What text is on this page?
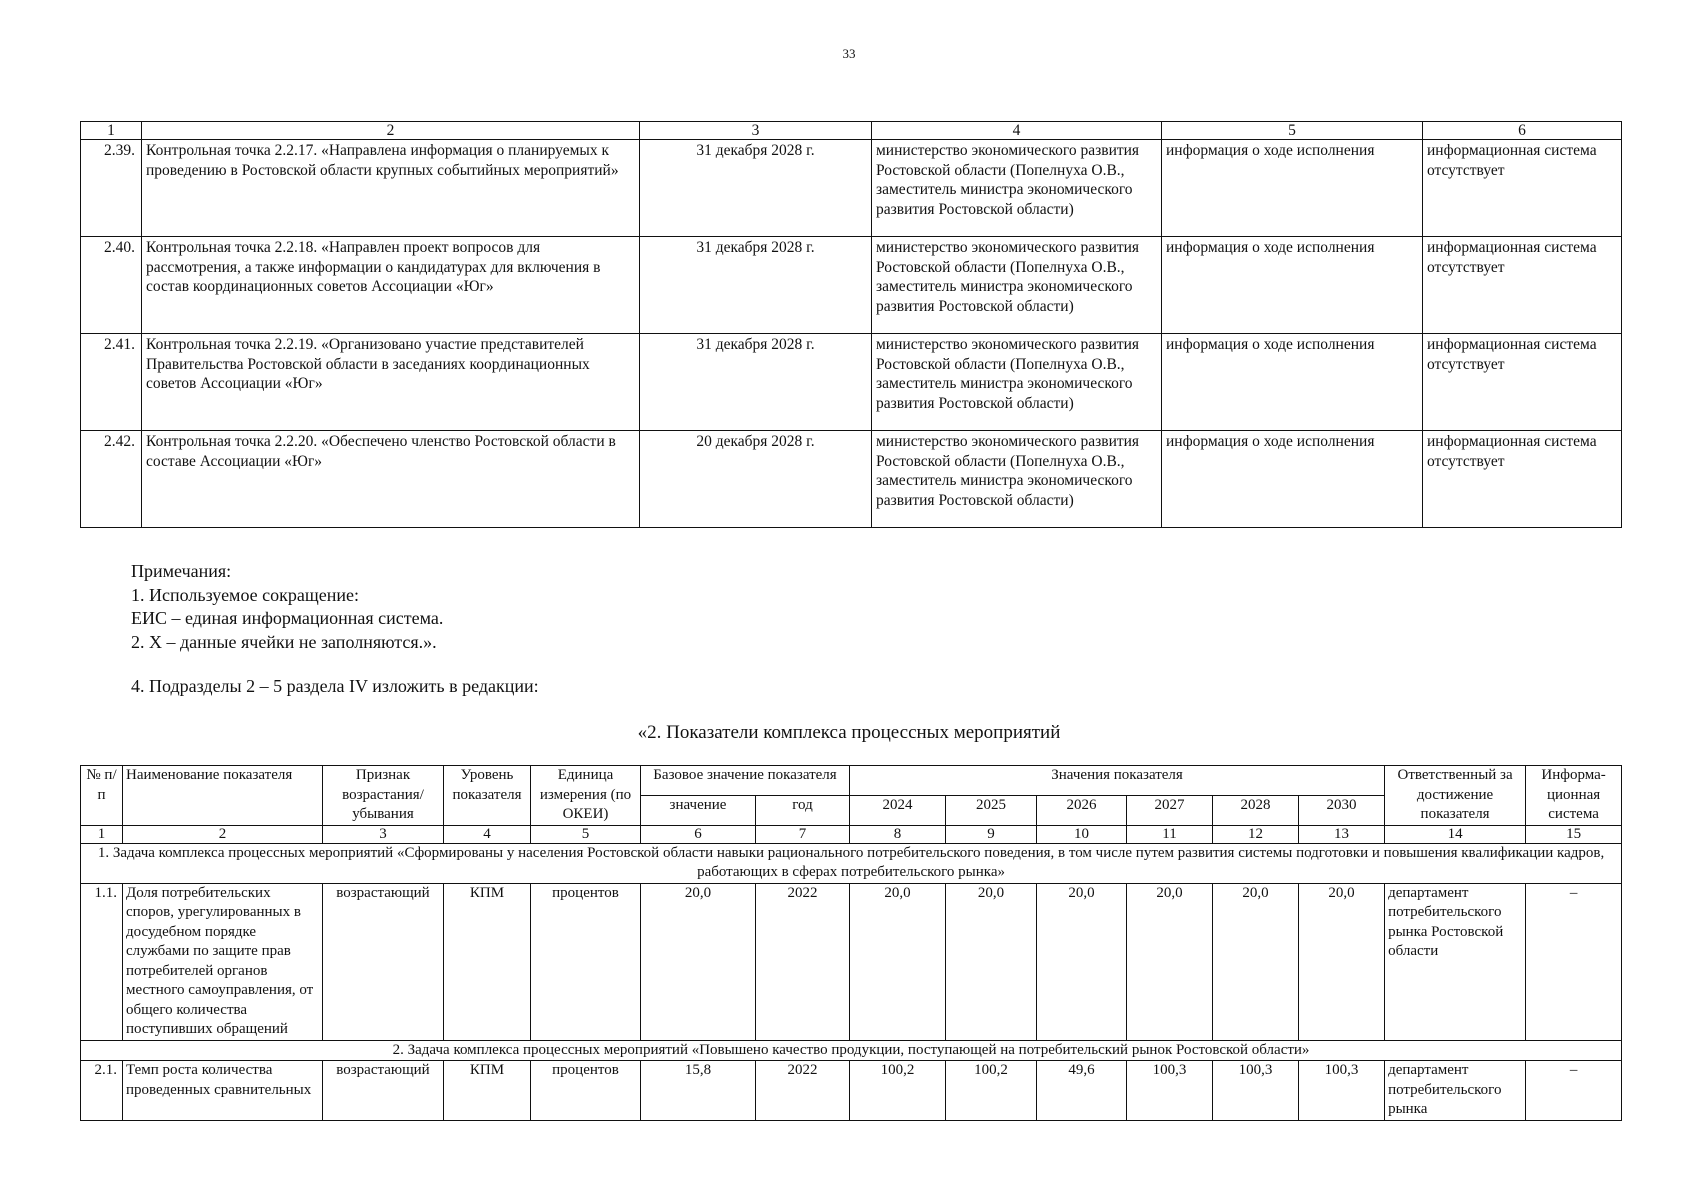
33
1	2	3	4	5	6
2.39.	Контрольная точка 2.2.17. «Направлена информация о планируемых к проведению в Ростовской области крупных событийных мероприятий»	31 декабря 2028 г.	министерство экономического развития Ростовской области (Попелнуха О.В., заместитель министра экономического развития Ростовской области)	информация о ходе исполнения	информационная система отсутствует
2.40.	Контрольная точка 2.2.18. «Направлен проект вопросов для рассмотрения, а также информации о кандидатурах для включения в состав координационных советов Ассоциации «Юг»	31 декабря 2028 г.	министерство экономического развития Ростовской области (Попелнуха О.В., заместитель министра экономического развития Ростовской области)	информация о ходе исполнения	информационная система отсутствует
2.41.	Контрольная точка 2.2.19. «Организовано участие представителей Правительства Ростовской области в заседаниях координационных советов Ассоциации «Юг»	31 декабря 2028 г.	министерство экономического развития Ростовской области (Попелнуха О.В., заместитель министра экономического развития Ростовской области)	информация о ходе исполнения	информационная система отсутствует
2.42.	Контрольная точка 2.2.20. «Обеспечено членство Ростовской области в составе Ассоциации «Юг»	20 декабря 2028 г.	министерство экономического развития Ростовской области (Попелнуха О.В., заместитель министра экономического развития Ростовской области)	информация о ходе исполнения	информационная система отсутствует
Примечания:
1. Используемое сокращение:
ЕИС – единая информационная система.
2. Х – данные ячейки не заполняются.».
4. Подразделы 2 – 5 раздела IV изложить в редакции:
«2. Показатели комплекса процессных мероприятий
№ п/п	Наименование показателя	Признак возрастания/ убывания	Уровень показателя	Единица измерения (по ОКЕИ)	Базовое значение показателя		Значения показателя						Ответственный за достижение показателя	Информа-ционная система
					значение	год	2024	2025	2026	2027	2028	2030		
1	2	3	4	5	6	7	8	9	10	11	12	13	14	15
1. Задача комплекса процессных мероприятий «Сформированы у населения Ростовской области навыки рационального потребительского поведения, в том числе путем развития системы подготовки и повышения квалификации кадров, работающих в сферах потребительского рынка»														
1.1.	Доля потребительских споров, урегулированных в досудебном порядке службами по защите прав потребителей органов местного самоуправления, от общего количества поступивших обращений	возрастающий	КПМ	процентов	20,0	2022	20,0	20,0	20,0	20,0	20,0	20,0	департамент потребительского рынка Ростовской области	–
2. Задача комплекса процессных мероприятий «Повышено качество продукции, поступающей на потребительский рынок Ростовской области»														
2.1.	Темп роста количества проведенных сравнительных	возрастающий	КПМ	процентов	15,8	2022	100,2	100,2	49,6	100,3	100,3	100,3	департамент потребительского рынка	–
